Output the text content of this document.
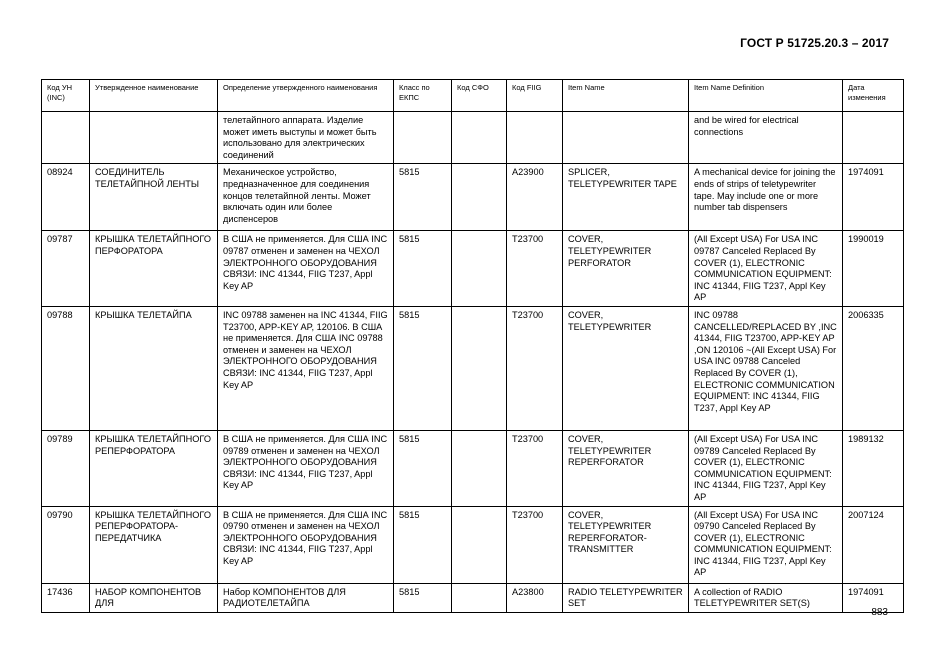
ГОСТ Р 51725.20.3 – 2017
Код УН (INC)	Утвержденное наименование	Определение утвержденного наименования	Класс по ЕКПС	Код СФО	Код FIIG	Item Name	Item Name Definition	Дата изменения
		телетайпного аппарата. Изделие может иметь выступы и может быть использовано для электрических соединений					and be wired for electrical connections	
08924	СОЕДИНИТЕЛЬ ТЕЛЕТАЙПНОЙ ЛЕНТЫ	Механическое устройство, предназначенное для соединения концов телетайпной ленты. Может включать один или более диспенсеров	5815		A23900	SPLICER, TELETYPEWRITER TAPE	A mechanical device for joining the ends of strips of teletypewriter tape. May include one or more number tab dispensers	1974091
09787	КРЫШКА ТЕЛЕТАЙПНОГО ПЕРФОРАТОРА	В США не применяется. Для США INC 09787 отменен и заменен на ЧЕХОЛ ЭЛЕКТРОННОГО ОБОРУДОВАНИЯ СВЯЗИ: INC 41344, FIIG T237, Appl Key AP	5815		T23700	COVER, TELETYPEWRITER PERFORATOR	(All Except USA) For USA INC 09787 Canceled Replaced By COVER (1), ELECTRONIC COMMUNICATION EQUIPMENT: INC 41344, FIIG T237, Appl Key AP	1990019
09788	КРЫШКА ТЕЛЕТАЙПА	INC 09788 заменен на INC 41344, FIIG T23700, APP-KEY AP, 120106. В США не применяется. Для США INC 09788 отменен и заменен на ЧЕХОЛ ЭЛЕКТРОННОГО ОБОРУДОВАНИЯ СВЯЗИ: INC 41344, FIIG T237, Appl Key AP	5815		T23700	COVER, TELETYPEWRITER	INC 09788 CANCELLED/REPLACED BY ,INC 41344, FIIG T23700, APP-KEY AP ,ON 120106 ~(All Except USA) For USA INC 09788 Canceled Replaced By COVER (1), ELECTRONIC COMMUNICATION EQUIPMENT: INC 41344, FIIG T237, Appl Key AP	2006335
09789	КРЫШКА ТЕЛЕТАЙПНОГО РЕПЕРФОРАТОРА	В США не применяется. Для США INC 09789 отменен и заменен на ЧЕХОЛ ЭЛЕКТРОННОГО ОБОРУДОВАНИЯ СВЯЗИ: INC 41344, FIIG T237, Appl Key AP	5815		T23700	COVER, TELETYPEWRITER REPERFORATOR	(All Except USA) For USA INC 09789 Canceled Replaced By COVER (1), ELECTRONIC COMMUNICATION EQUIPMENT: INC 41344, FIIG T237, Appl Key AP	1989132
09790	КРЫШКА ТЕЛЕТАЙПНОГО РЕПЕРФОРАТОРА-ПЕРЕДАТЧИКА	В США не применяется. Для США INC 09790 отменен и заменен на ЧЕХОЛ ЭЛЕКТРОННОГО ОБОРУДОВАНИЯ СВЯЗИ: INC 41344, FIIG T237, Appl Key AP	5815		T23700	COVER, TELETYPEWRITER REPERFORATOR-TRANSMITTER	(All Except USA) For USA INC 09790 Canceled Replaced By COVER (1), ELECTRONIC COMMUNICATION EQUIPMENT: INC 41344, FIIG T237, Appl Key AP	2007124
17436	НАБОР КОМПОНЕНТОВ ДЛЯ	Набор КОМПОНЕНТОВ ДЛЯ РАДИОТЕЛЕТАЙПА	5815		A23800	RADIO TELETYPEWRITER SET	A collection of RADIO TELETYPEWRITER SET(S)	1974091
883
